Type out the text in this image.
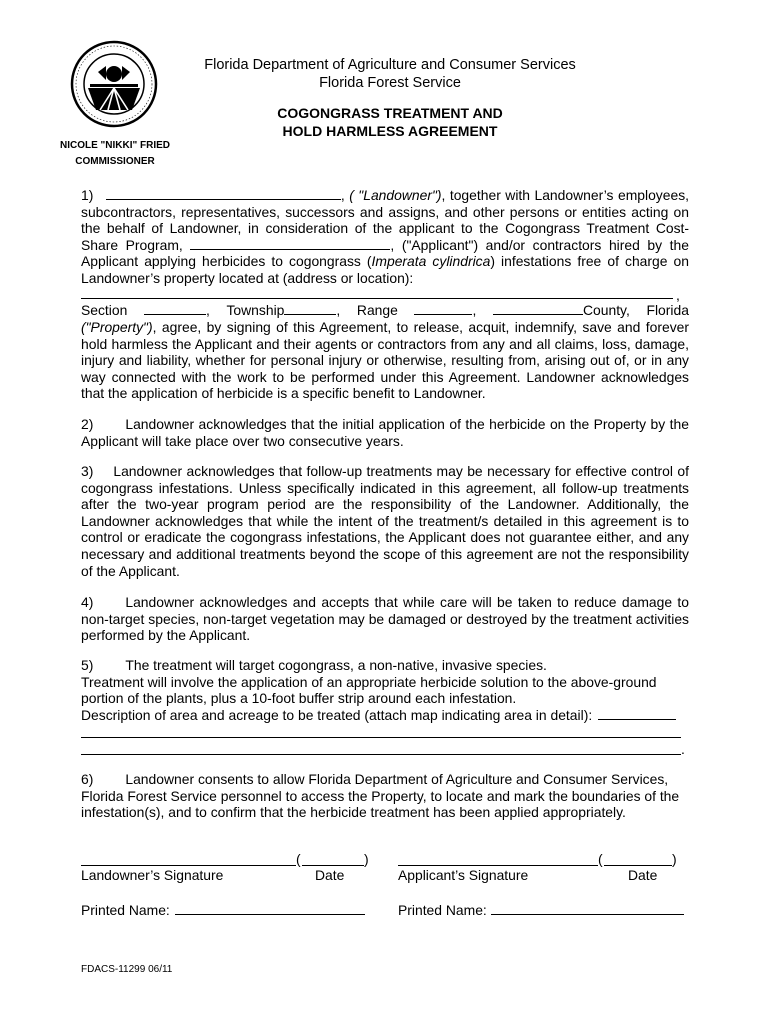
NICOLE "NIKKI" FRIED
COMMISSIONER
Florida Department of Agriculture and Consumer Services
Florida Forest Service
COGONGRASS TREATMENT AND
HOLD HARMLESS AGREEMENT
1)	, ( "Landowner"), together with Landowner’s employees, subcontractors, representatives, successors and assigns, and other persons or entities acting on the behalf of Landowner, in consideration of the applicant to the Cogongrass Treatment Cost-Share Program,	, ("Applicant") and/or contractors hired by the Applicant applying herbicides to cogongrass (Imperata cylindrica) infestations free of charge on Landowner’s property located at (address or location):
,
Section	, Township	, Range	,	County, Florida
("Property"), agree, by signing of this Agreement, to release, acquit, indemnify, save and forever hold harmless the Applicant and their agents or contractors from any and all claims, loss, damage, injury and liability, whether for personal injury or otherwise, resulting from, arising out of, or in any way connected with the work to be performed under this Agreement. Landowner acknowledges that the application of herbicide is a specific benefit to Landowner.
2) Landowner acknowledges that the initial application of the herbicide on the Property by the Applicant will take place over two consecutive years.
3) Landowner acknowledges that follow-up treatments may be necessary for effective control of cogongrass infestations. Unless specifically indicated in this agreement, all follow-up treatments after the two-year program period are the responsibility of the Landowner. Additionally, the Landowner acknowledges that while the intent of the treatment/s detailed in this agreement is to control or eradicate the cogongrass infestations, the Applicant does not guarantee either, and any necessary and additional treatments beyond the scope of this agreement are not the responsibility of the Applicant.
4) Landowner acknowledges and accepts that while care will be taken to reduce damage to non-target species, non-target vegetation may be damaged or destroyed by the treatment activities performed by the Applicant.
5) The treatment will target cogongrass, a non-native, invasive species.
Treatment will involve the application of an appropriate herbicide solution to the above-ground portion of the plants, plus a 10-foot buffer strip around each infestation.
Description of area and acreage to be treated (attach map indicating area in detail):
.
6) Landowner consents to allow Florida Department of Agriculture and Consumer Services, Florida Forest Service personnel to access the Property, to locate and mark the boundaries of the infestation(s), and to confirm that the herbicide treatment has been applied appropriately.
(	)	(	)
Landowner’s Signature	Date	Applicant’s Signature	Date
Printed Name:	Printed Name:
FDACS-11299 06/11
